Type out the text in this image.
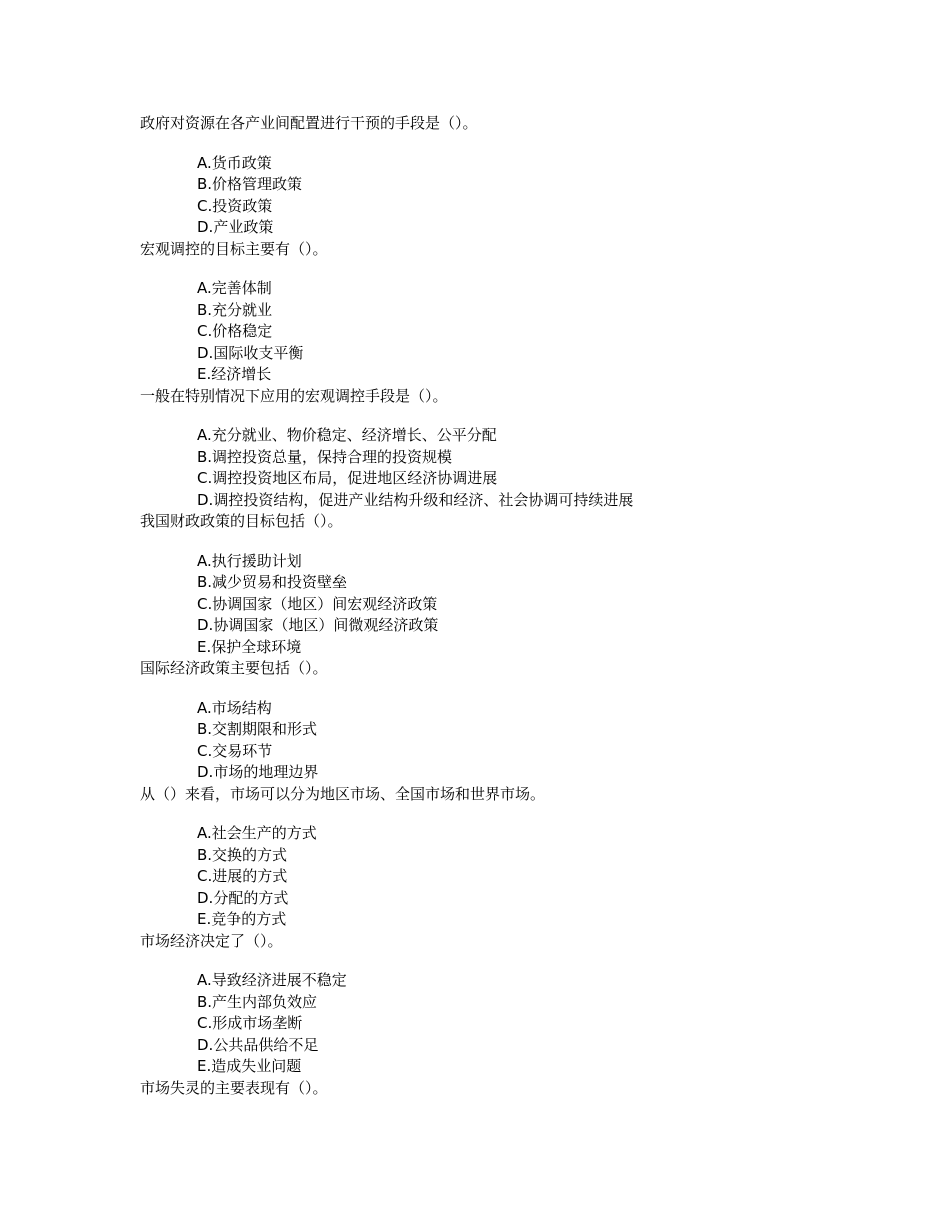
政府对资源在各产业间配置进行干预的手段是（）。
A.货币政策
B.价格管理政策
C.投资政策
D.产业政策
宏观调控的目标主要有（）。
A.完善体制
B.充分就业
C.价格稳定
D.国际收支平衡
E.经济增长
一般在特别情况下应用的宏观调控手段是（）。
A.充分就业、物价稳定、经济增长、公平分配
B.调控投资总量，保持合理的投资规模
C.调控投资地区布局，促进地区经济协调进展
D.调控投资结构，促进产业结构升级和经济、社会协调可持续进展
我国财政政策的目标包括（）。
A.执行援助计划
B.减少贸易和投资壁垒
C.协调国家（地区）间宏观经济政策
D.协调国家（地区）间微观经济政策
E.保护全球环境
国际经济政策主要包括（）。
A.市场结构
B.交割期限和形式
C.交易环节
D.市场的地理边界
从（）来看，市场可以分为地区市场、全国市场和世界市场。
A.社会生产的方式
B.交换的方式
C.进展的方式
D.分配的方式
E.竞争的方式
市场经济决定了（）。
A.导致经济进展不稳定
B.产生内部负效应
C.形成市场垄断
D.公共品供给不足
E.造成失业问题
市场失灵的主要表现有（）。
